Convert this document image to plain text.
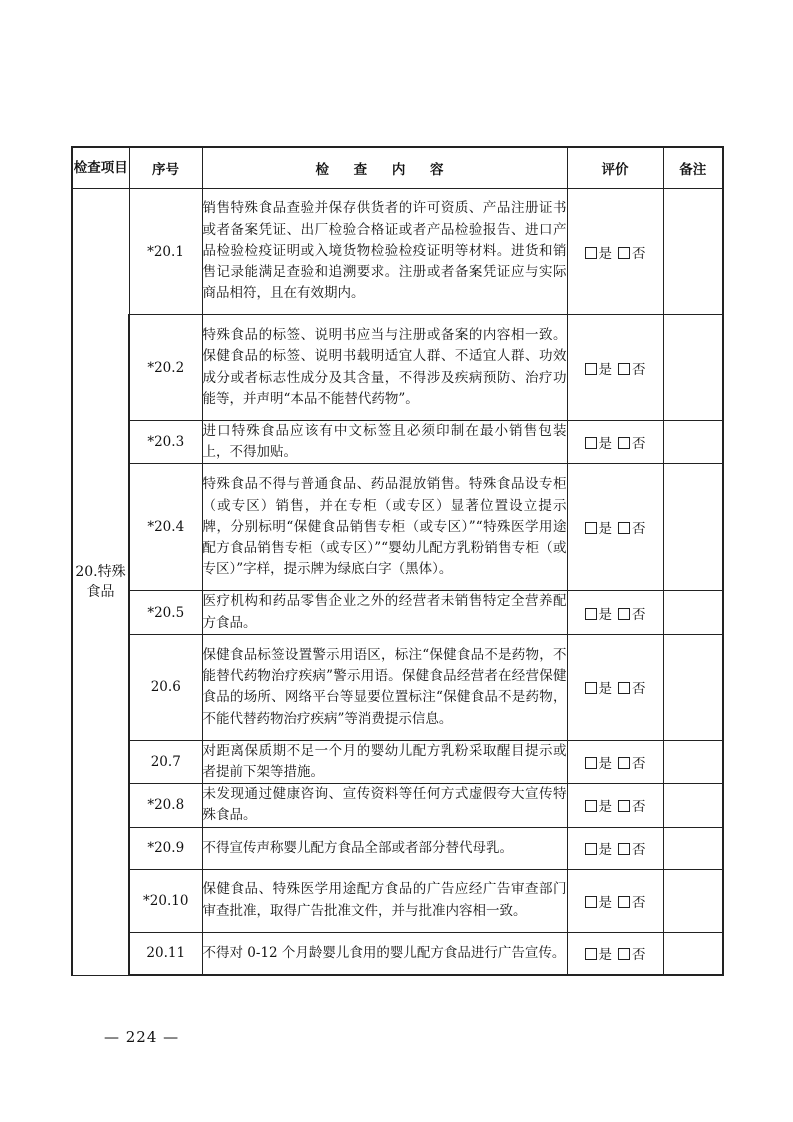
检查项目	序号	检 查 内 容	评价	备注
20.特殊食品	*20.1	销售特殊食品查验并保存供货者的许可资质、产品注册证书或者备案凭证、出厂检验合格证或者产品检验报告、进口产品检验检疫证明或入境货物检验检疫证明等材料。进货和销售记录能满足查验和追溯要求。注册或者备案凭证应与实际商品相符，且在有效期内。	是 否	
	*20.2	特殊食品的标签、说明书应当与注册或备案的内容相一致。保健食品的标签、说明书载明适宜人群、不适宜人群、功效成分或者标志性成分及其含量，不得涉及疾病预防、治疗功能等，并声明“本品不能替代药物”。	是 否	
	*20.3	进口特殊食品应该有中文标签且必须印制在最小销售包装上，不得加贴。	是 否	
	*20.4	特殊食品不得与普通食品、药品混放销售。特殊食品设专柜（或专区）销售，并在专柜（或专区）显著位置设立提示牌，分别标明“保健食品销售专柜（或专区）”“特殊医学用途配方食品销售专柜（或专区）”“婴幼儿配方乳粉销售专柜（或专区）”字样，提示牌为绿底白字（黑体）。	是 否	
	*20.5	医疗机构和药品零售企业之外的经营者未销售特定全营养配方食品。	是 否	
	20.6	保健食品标签设置警示用语区，标注“保健食品不是药物，不能替代药物治疗疾病”警示用语。保健食品经营者在经营保健食品的场所、网络平台等显要位置标注“保健食品不是药物，不能代替药物治疗疾病”等消费提示信息。	是 否	
	20.7	对距离保质期不足一个月的婴幼儿配方乳粉采取醒目提示或者提前下架等措施。	是 否	
	*20.8	未发现通过健康咨询、宣传资料等任何方式虚假夸大宣传特殊食品。	是 否	
	*20.9	不得宣传声称婴儿配方食品全部或者部分替代母乳。	是 否	
	*20.10	保健食品、特殊医学用途配方食品的广告应经广告审查部门审查批准，取得广告批准文件，并与批准内容相一致。	是 否	
	20.11	不得对 0-12 个月龄婴儿食用的婴儿配方食品进行广告宣传。	是 否	
— 224 —
